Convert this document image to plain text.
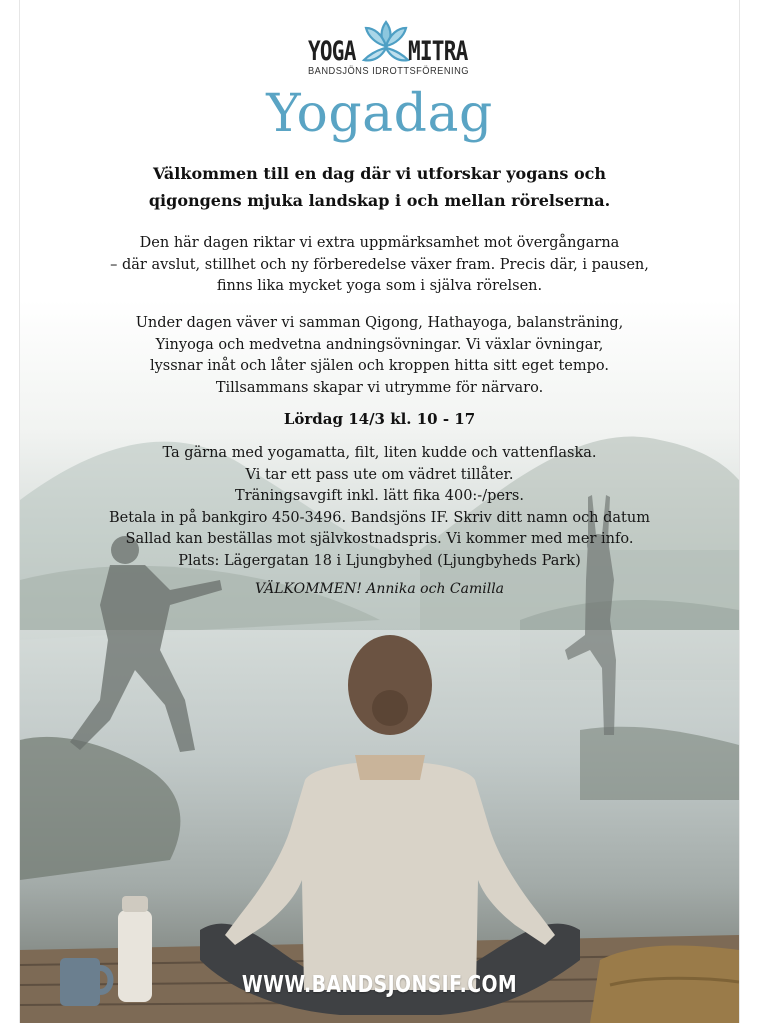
YOGA MITRA
BANDSJÖNS IDROTTSFÖRENING
Yogadag
Välkommen till en dag där vi utforskar yogans och
qigongens mjuka landskap i och mellan rörelserna.
Den här dagen riktar vi extra uppmärksamhet mot övergångarna
– där avslut, stillhet och ny förberedelse växer fram. Precis där, i pausen,
finns lika mycket yoga som i själva rörelsen.
Under dagen väver vi samman Qigong, Hathayoga, balansträning,
Yinyoga och medvetna andningsövningar. Vi växlar övningar,
lyssnar inåt och låter själen och kroppen hitta sitt eget tempo.
Tillsammans skapar vi utrymme för närvaro.
Lördag 14/3 kl. 10 - 17
Ta gärna med yogamatta, filt, liten kudde och vattenflaska.
Vi tar ett pass ute om vädret tillåter.
Träningsavgift inkl. lätt fika 400:-/pers.
Betala in på bankgiro 450-3496. Bandsjöns IF. Skriv ditt namn och datum
Sallad kan beställas mot självkostnadspris. Vi kommer med mer info.
Plats: Lägergatan 18 i Ljungbyhed (Ljungbyheds Park)
VÄLKOMMEN! Annika och Camilla
WWW.BANDSJONSIF.COM
